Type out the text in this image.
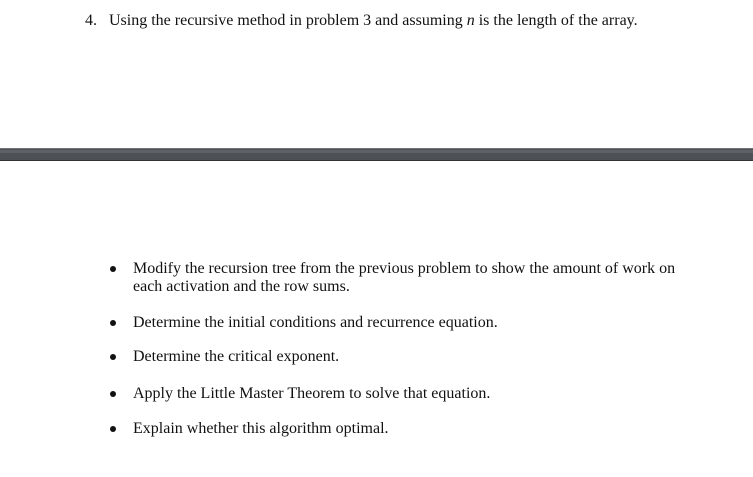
4. Using the recursive method in problem 3 and assuming n is the length of the array.
Modify the recursion tree from the previous problem to show the amount of work on
each activation and the row sums.
Determine the initial conditions and recurrence equation.
Determine the critical exponent.
Apply the Little Master Theorem to solve that equation.
Explain whether this algorithm optimal.
